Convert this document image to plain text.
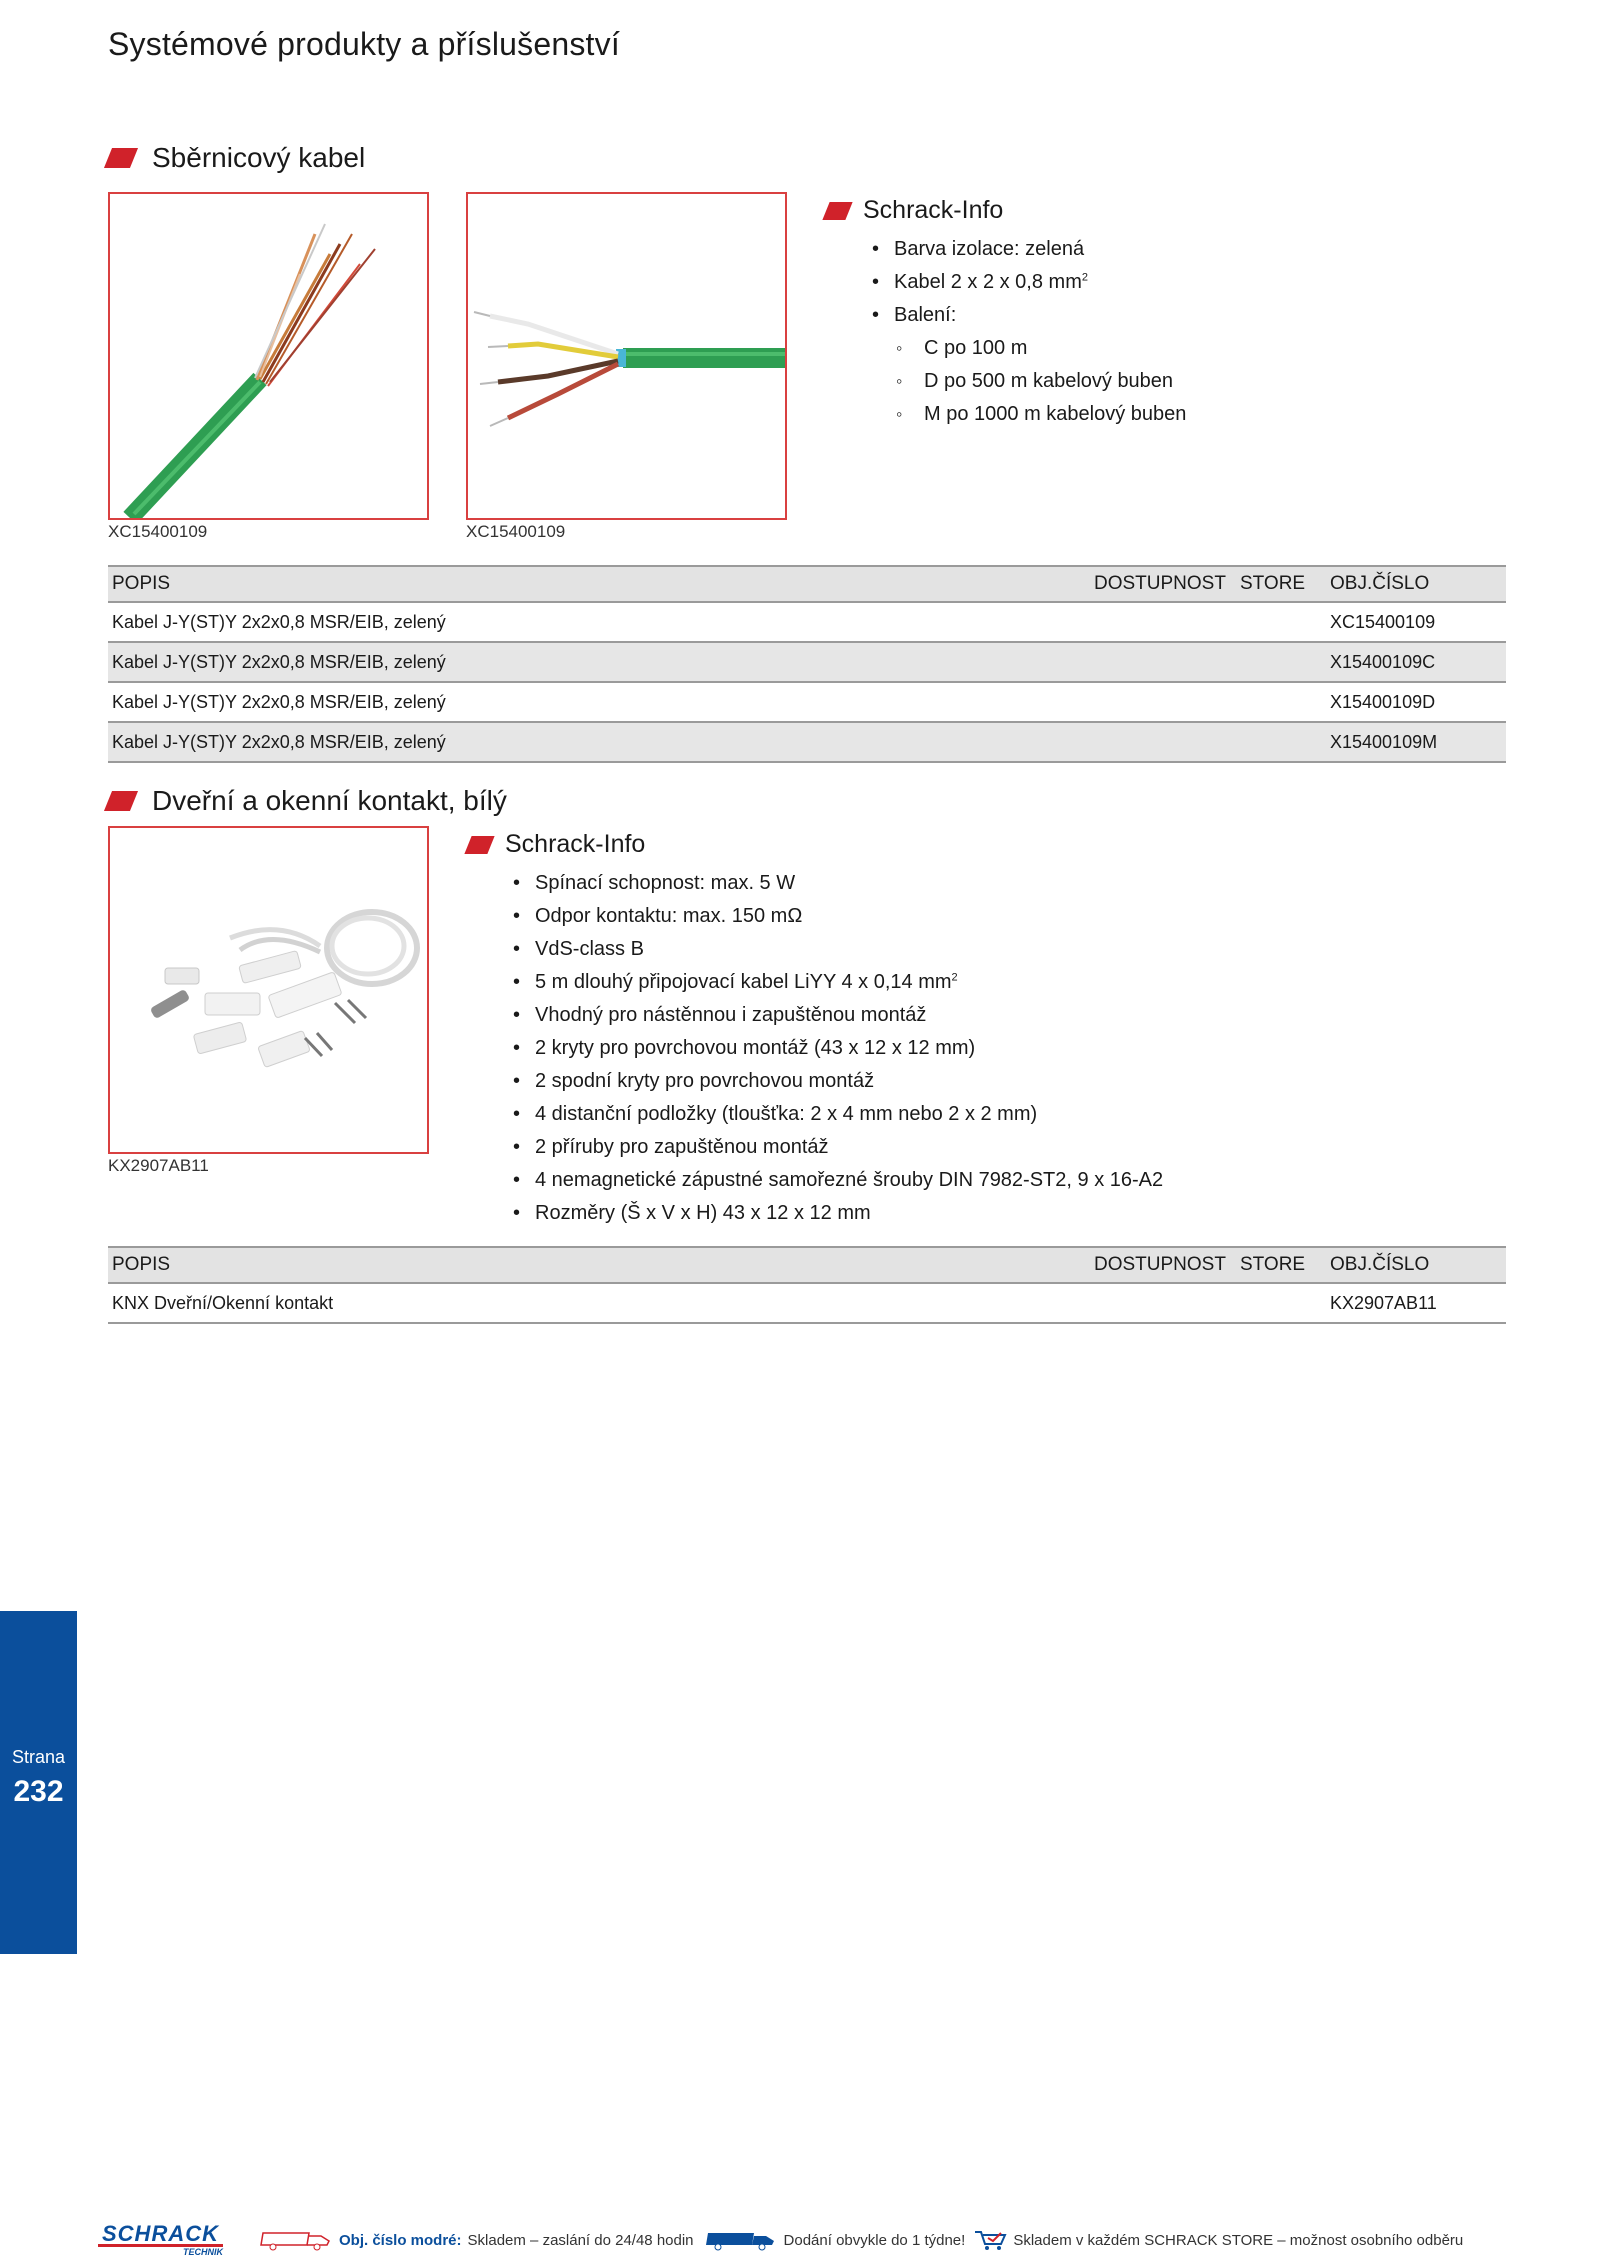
Systémové produkty a příslušenství
Sběrnicový kabel
XC15400109	XC15400109
Schrack-Info
• Barva izolace: zelená
• Kabel 2 x 2 x 0,8 $mm^2$
• Balení:
◦ C po 100 m
◦ D po 500 m kabelový buben
◦ M po 1000 m kabelový buben
POPIS	DOSTUPNOST	STORE	OBJ.ČÍSLO
Kabel J-Y(ST)Y 2x2x0,8 MSR/EIB, zelený			XC15400109
Kabel J-Y(ST)Y 2x2x0,8 MSR/EIB, zelený			X15400109C
Kabel J-Y(ST)Y 2x2x0,8 MSR/EIB, zelený			X15400109D
Kabel J-Y(ST)Y 2x2x0,8 MSR/EIB, zelený			X15400109M
Dveřní a okenní kontakt, bílý
KX2907AB11
Schrack-Info
• Spínací schopnost: max. 5 W
• Odpor kontaktu: max. 150 mΩ
• VdS-class B
• 5 m dlouhý připojovací kabel LiYY 4 x 0,14 $mm^2$
• Vhodný pro nástěnnou i zapuštěnou montáž
• 2 kryty pro povrchovou montáž (43 x 12 x 12 mm)
• 2 spodní kryty pro povrchovou montáž
• 4 distanční podložky (tloušťka: 2 x 4 mm nebo 2 x 2 mm)
• 2 příruby pro zapuštěnou montáž
• 4 nemagnetické zápustné samořezné šrouby DIN 7982-ST2, 9 x 16-A2
• Rozměry (Š x V x H) 43 x 12 x 12 mm
POPIS	DOSTUPNOST	STORE	OBJ.ČÍSLO
KNX Dveřní/Okenní kontakt			KX2907AB11
Strana
232
SCHRACK
TECHNIK
Obj. číslo modré: Skladem – zaslání do 24/48 hodin	Dodání obvykle do 1 týdne!	Skladem v každém SCHRACK STORE – možnost osobního odběru
